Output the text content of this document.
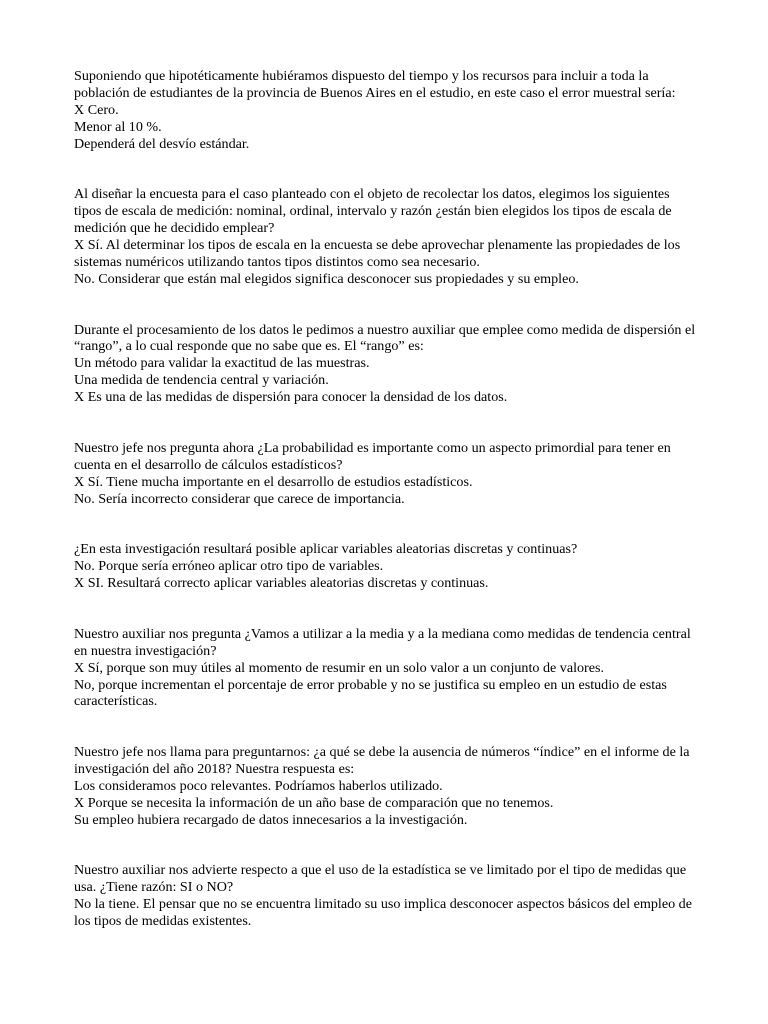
Suponiendo que hipotéticamente hubiéramos dispuesto del tiempo y los recursos para incluir a toda la población de estudiantes de la provincia de Buenos Aires en el estudio, en este caso el error muestral sería:
X Cero.
Menor al 10 %.
Dependerá del desvío estándar.
Al diseñar la encuesta para el caso planteado con el objeto de recolectar los datos, elegimos los siguientes tipos de escala de medición: nominal, ordinal, intervalo y razón ¿están bien elegidos los tipos de escala de medición que he decidido emplear?
X Sí. Al determinar los tipos de escala en la encuesta se debe aprovechar plenamente las propiedades de los sistemas numéricos utilizando tantos tipos distintos como sea necesario.
No. Considerar que están mal elegidos significa desconocer sus propiedades y su empleo.
Durante el procesamiento de los datos le pedimos a nuestro auxiliar que emplee como medida de dispersión el “rango”, a lo cual responde que no sabe que es. El “rango” es:
Un método para validar la exactitud de las muestras.
Una medida de tendencia central y variación.
X Es una de las medidas de dispersión para conocer la densidad de los datos.
Nuestro jefe nos pregunta ahora ¿La probabilidad es importante como un aspecto primordial para tener en cuenta en el desarrollo de cálculos estadísticos?
X Sí. Tiene mucha importante en el desarrollo de estudios estadísticos.
No. Sería incorrecto considerar que carece de importancia.
¿En esta investigación resultará posible aplicar variables aleatorias discretas y continuas?
No. Porque sería erróneo aplicar otro tipo de variables.
X SI. Resultará correcto aplicar variables aleatorias discretas y continuas.
Nuestro auxiliar nos pregunta ¿Vamos a utilizar a la media y a la mediana como medidas de tendencia central en nuestra investigación?
X Sí, porque son muy útiles al momento de resumir en un solo valor a un conjunto de valores.
No, porque incrementan el porcentaje de error probable y no se justifica su empleo en un estudio de estas características.
Nuestro jefe nos llama para preguntarnos: ¿a qué se debe la ausencia de números “índice” en el informe de la investigación del año 2018? Nuestra respuesta es:
Los consideramos poco relevantes. Podríamos haberlos utilizado.
X Porque se necesita la información de un año base de comparación que no tenemos.
Su empleo hubiera recargado de datos innecesarios a la investigación.
Nuestro auxiliar nos advierte respecto a que el uso de la estadística se ve limitado por el tipo de medidas que usa. ¿Tiene razón: SI o NO?
No la tiene. El pensar que no se encuentra limitado su uso implica desconocer aspectos básicos del empleo de los tipos de medidas existentes.
